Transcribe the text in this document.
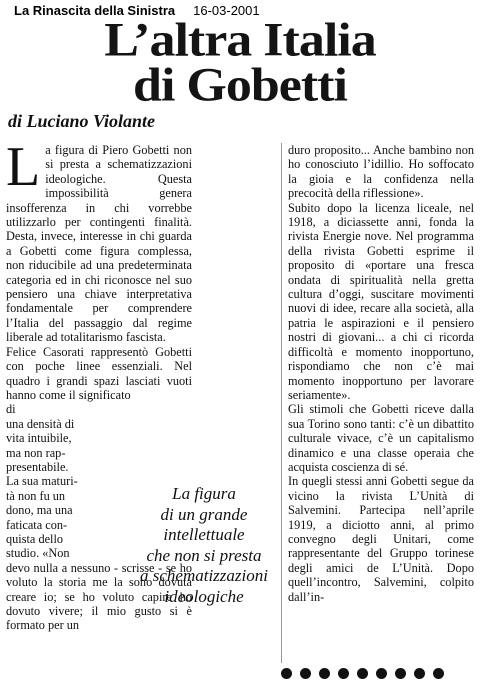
La Rinascita della Sinistra 16-03-2001
L’altra Italia
di Gobetti
di Luciano Violante

La figura di Piero Gobetti non si presta a schematizzazioni ideologiche. Questa impossibilità genera insofferenza in chi vorrebbe utilizzarlo per contingenti finalità. Desta, invece, interesse in chi guarda a Gobetti come figura complessa, non riducibile ad una predeterminata categoria ed in chi riconosce nel suo pensiero una chiave interpretativa fondamentale per comprendere l’Italia del passaggio dal regime liberale ad totalitarismo fascista.

Felice Casorati rappresentò Gobetti con poche linee essenziali. Nel quadro i grandi spazi lasciati vuoti hanno come il significato

di
una densità di
vita intuibile,
ma non rap-
presentabile.
La sua maturi-
tà non fu un
dono, ma una
faticata con-
quista dello
studio. «Non

devo nulla a nessuno - scrisse - se ho voluto la storia me la sono dovuta creare io; se ho voluto capire ho dovuto vivere; il mio gusto si è formato per un

La figura
di un grande
intellettuale
che non si presta
a schematizzazioni
ideologiche

duro proposito... Anche bambino non ho conosciuto l’idillio. Ho soffocato la gioia e la confidenza nella precocità della riflessione».

Subito dopo la licenza liceale, nel 1918, a diciassette anni, fonda la rivista Energie nove. Nel programma della rivista Gobetti esprime il proposito di «portare una fresca ondata di spiritualità nella gretta cultura d’oggi, suscitare movimenti nuovi di idee, recare alla società, alla patria le aspirazioni e il pensiero nostri di giovani... a chi ci ricorda difficoltà e momento inopportuno, rispondiamo che non c’è mai momento inopportuno per lavorare seriamente».

Gli stimoli che Gobetti riceve dalla sua Torino sono tanti: c’è un dibattito culturale vivace, c’è un capitalismo dinamico e una classe operaia che acquista coscienza di sé.

In quegli stessi anni Gobetti segue da vicino la rivista L’Unità di Salvemini. Partecipa nell’aprile 1919, a diciotto anni, al primo convegno degli Unitari, come rappresentante del Gruppo torinese degli amici de L’Unità. Dopo quell’incontro, Salvemini, colpito dall’in-
